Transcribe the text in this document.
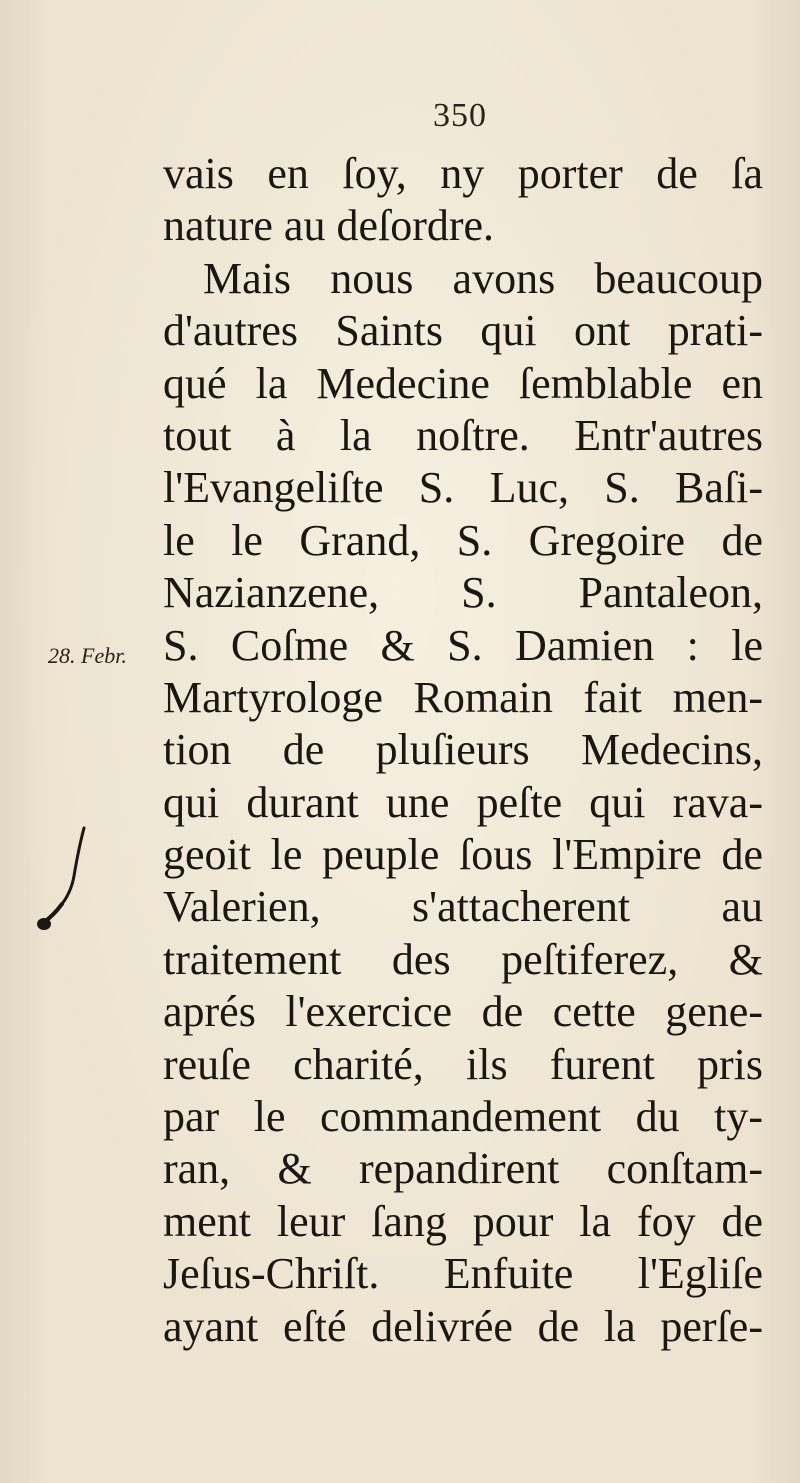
350
28. Febr.
vais en ſoy, ny porter de ſa
nature au deſordre.
Mais nous avons beaucoup
d'autres Saints qui ont prati-
qué la Medecine ſemblable en
tout à la noſtre. Entr'autres
l'Evangeliſte S. Luc, S. Baſi-
le le Grand, S. Gregoire de
Nazianzene, S. Pantaleon,
S. Coſme & S. Damien : le
Martyrologe Romain fait men-
tion de pluſieurs Medecins,
qui durant une peſte qui rava-
geoit le peuple ſous l'Empire de
Valerien, s'attacherent au
traitement des peſtiferez, &
aprés l'exercice de cette gene-
reuſe charité, ils furent pris
par le commandement du ty-
ran, & repandirent conſtam-
ment leur ſang pour la foy de
Jeſus-Chriſt. Enfuite l'Egliſe
ayant eſté delivrée de la perſe-
